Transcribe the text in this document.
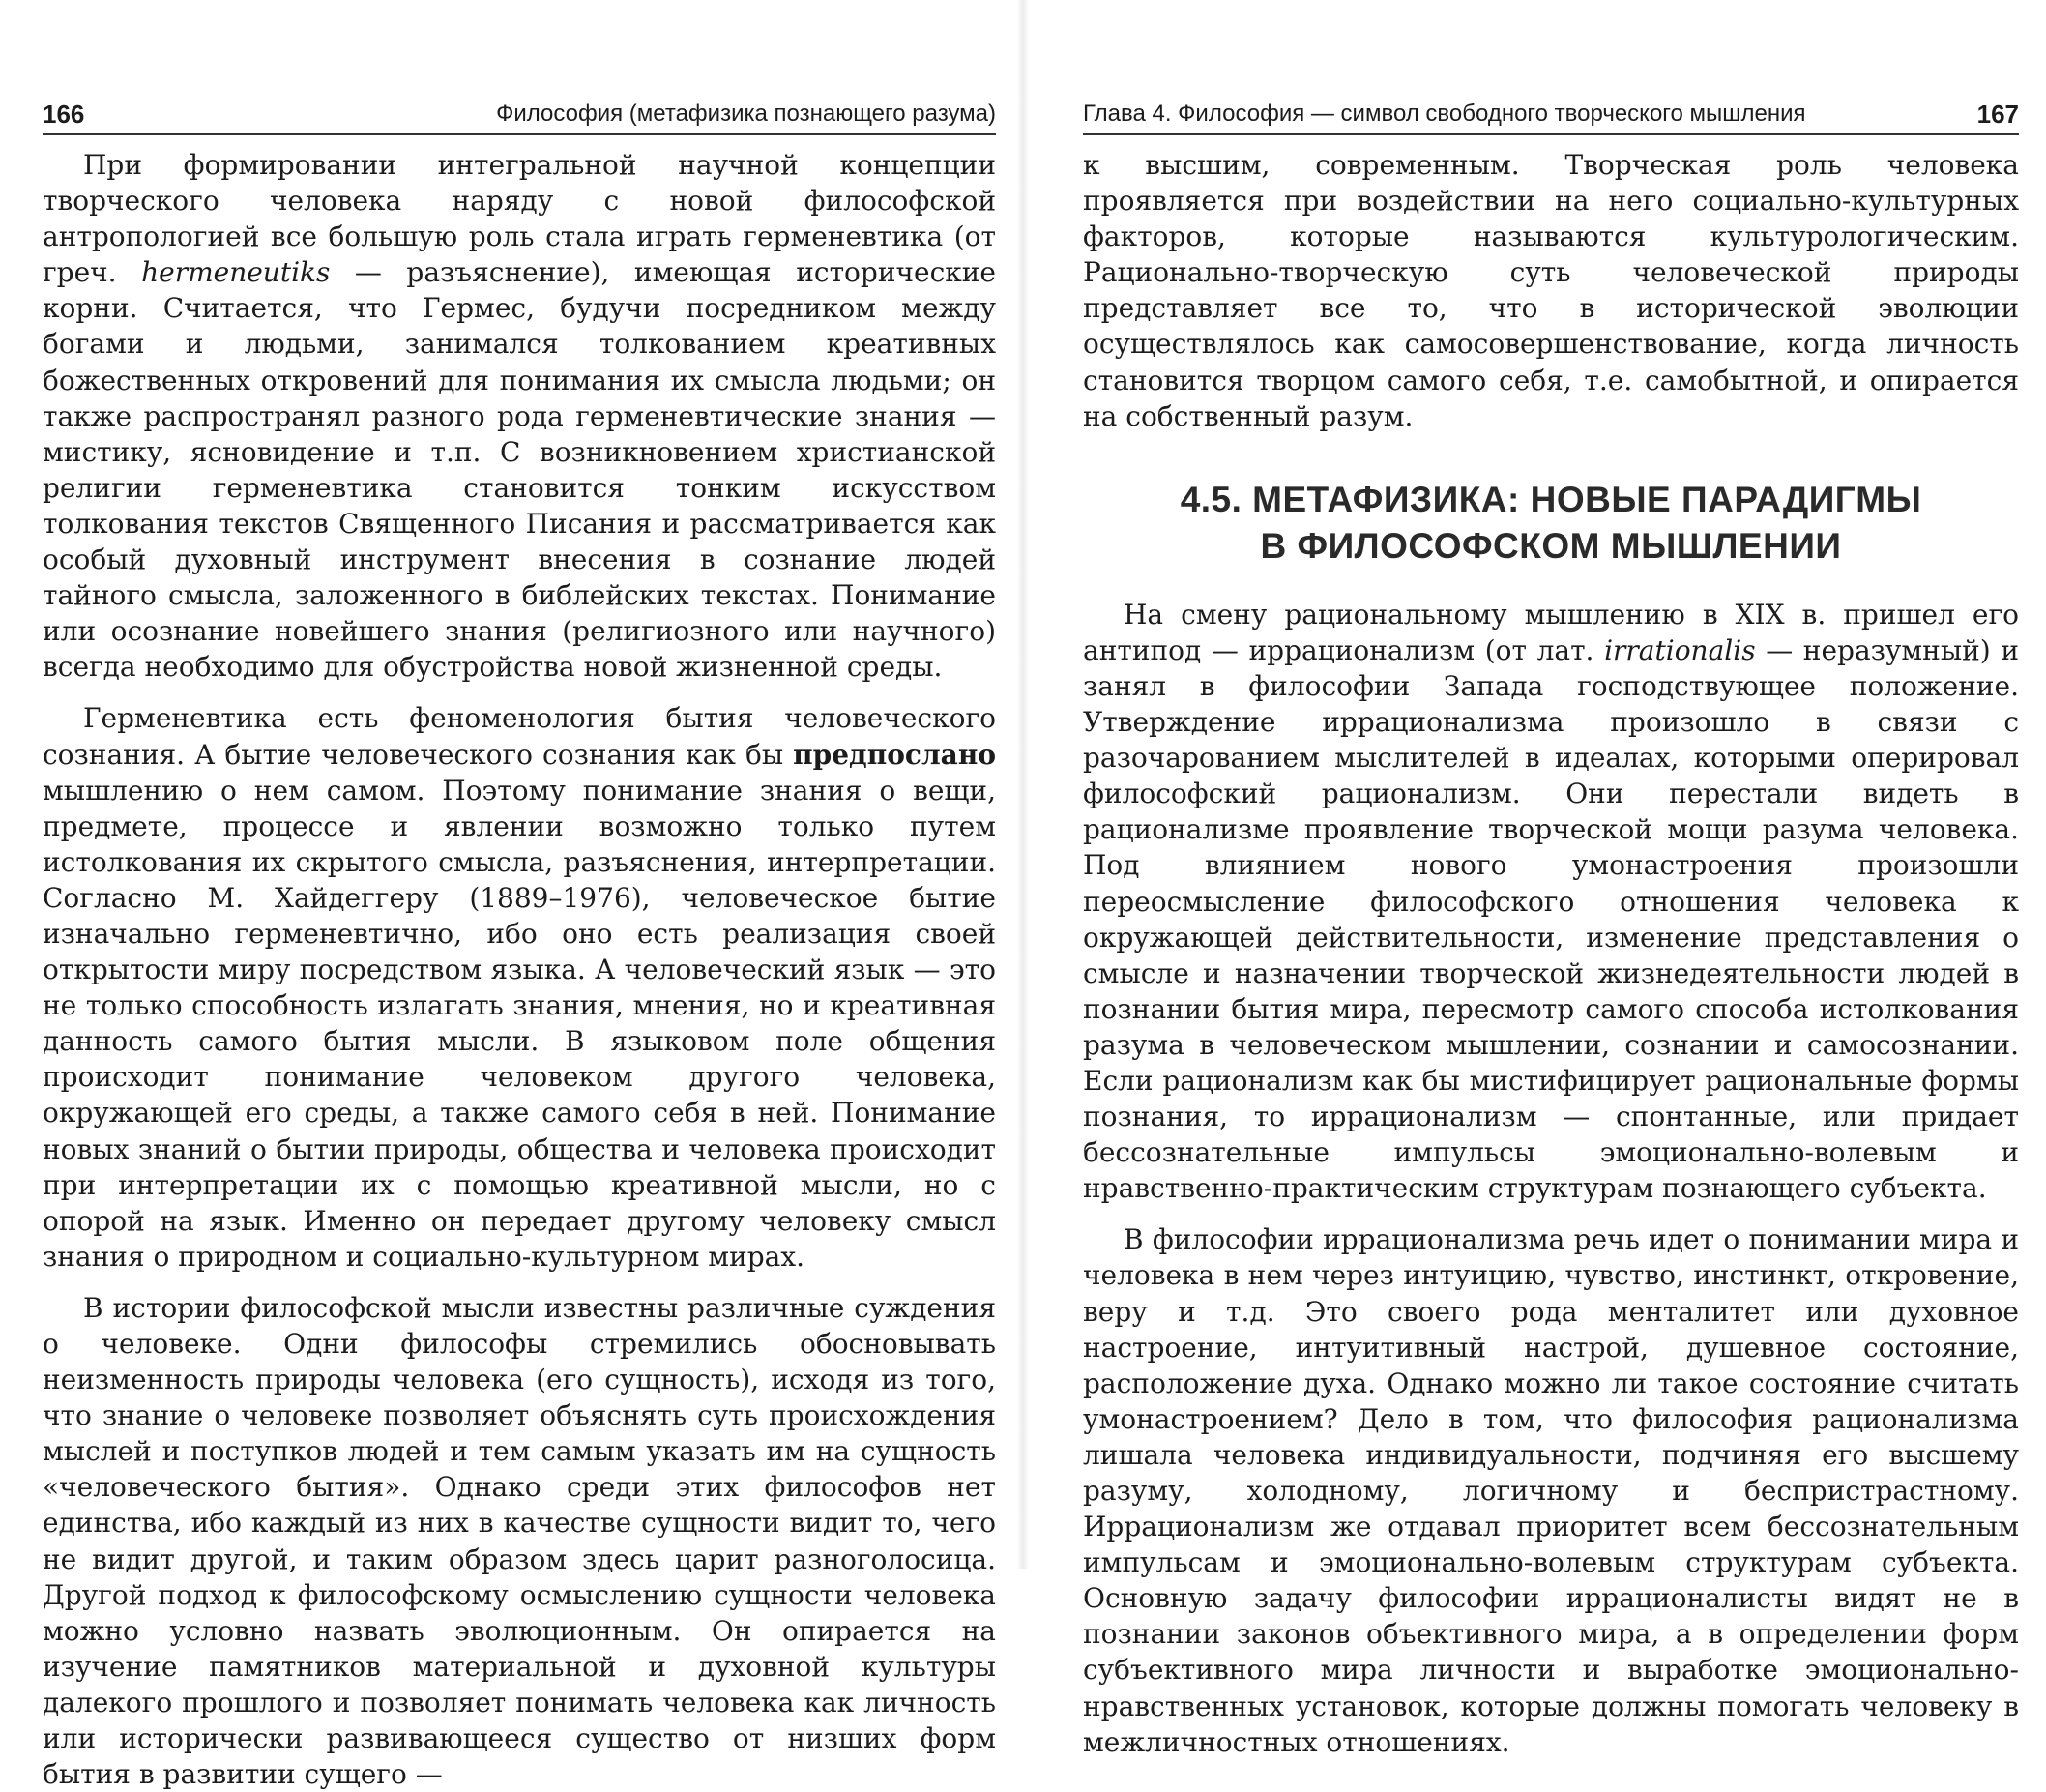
166	Философия (метафизика познающего разума)

При формировании интегральной научной концепции творческого человека наряду с новой философской антропологией все большую роль стала играть герменевтика (от греч. hermeneutiks — разъяснение), имеющая исторические корни. Считается, что Гермес, будучи посредником между богами и людьми, занимался толкованием креативных божественных откровений для понимания их смысла людьми; он также распространял разного рода герменевтические знания — мистику, ясновидение и т.п. С возникновением христианской религии герменевтика становится тонким искусством толкования текстов Священного Писания и рассматривается как особый духовный инструмент внесения в сознание людей тайного смысла, заложенного в библейских текстах. Понимание или осознание новейшего знания (религиозного или научного) всегда необходимо для обустройства новой жизненной среды.

Герменевтика есть феноменология бытия человеческого сознания. А бытие человеческого сознания как бы предпослано мышлению о нем самом. Поэтому понимание знания о вещи, предмете, процессе и явлении возможно только путем истолкования их скрытого смысла, разъяснения, интерпретации. Согласно М. Хайдеггеру (1889–1976), человеческое бытие изначально герменевтично, ибо оно есть реализация своей открытости миру посредством языка. А человеческий язык — это не только способность излагать знания, мнения, но и креативная данность самого бытия мысли. В языковом поле общения происходит понимание человеком другого человека, окружающей его среды, а также самого себя в ней. Понимание новых знаний о бытии природы, общества и человека происходит при интерпретации их с помощью креативной мысли, но с опорой на язык. Именно он передает другому человеку смысл знания о природном и социально-культурном мирах.

В истории философской мысли известны различные суждения о человеке. Одни философы стремились обосновывать неизменность природы человека (его сущность), исходя из того, что знание о человеке позволяет объяснять суть происхождения мыслей и поступков людей и тем самым указать им на сущность «человеческого бытия». Однако среди этих философов нет единства, ибо каждый из них в качестве сущности видит то, чего не видит другой, и таким образом здесь царит разноголосица. Другой подход к философскому осмыслению сущности человека можно условно назвать эволюционным. Он опирается на изучение памятников материальной и духовной культуры далекого прошлого и позволяет понимать человека как личность или исторически развивающееся существо от низших форм бытия в развитии сущего —

Глава 4. Философия — символ свободного творческого мышления	167

к высшим, современным. Творческая роль человека проявляется при воздействии на него социально-культурных факторов, которые называются культурологическим. Рационально-творческую суть человеческой природы представляет все то, что в исторической эволюции осуществлялось как самосовершенствование, когда личность становится творцом самого себя, т.е. самобытной, и опирается на собственный разум.

4.5. МЕТАФИЗИКА: НОВЫЕ ПАРАДИГМЫ
В ФИЛОСОФСКОМ МЫШЛЕНИИ

На смену рациональному мышлению в XIX в. пришел его антипод — иррационализм (от лат. irrationalis — неразумный) и занял в философии Запада господствующее положение. Утверждение иррационализма произошло в связи с разочарованием мыслителей в идеалах, которыми оперировал философский рационализм. Они перестали видеть в рационализме проявление творческой мощи разума человека. Под влиянием нового умонастроения произошли переосмысление философского отношения человека к окружающей действительности, изменение представления о смысле и назначении творческой жизнедеятельности людей в познании бытия мира, пересмотр самого способа истолкования разума в человеческом мышлении, сознании и самосознании. Если рационализм как бы мистифицирует рациональные формы познания, то иррационализм — спонтанные, или придает бессознательные импульсы эмоционально-волевым и нравственно-практическим структурам познающего субъекта.

В философии иррационализма речь идет о понимании мира и человека в нем через интуицию, чувство, инстинкт, откровение, веру и т.д. Это своего рода менталитет или духовное настроение, интуитивный настрой, душевное состояние, расположение духа. Однако можно ли такое состояние считать умонастроением? Дело в том, что философия рационализма лишала человека индивидуальности, подчиняя его высшему разуму, холодному, логичному и беспристрастному. Иррационализм же отдавал приоритет всем бессознательным импульсам и эмоционально-волевым структурам субъекта. Основную задачу философии иррационалисты видят не в познании законов объективного мира, а в определении форм субъективного мира личности и выработке эмоционально-нравственных установок, которые должны помогать человеку в межличностных отношениях.
